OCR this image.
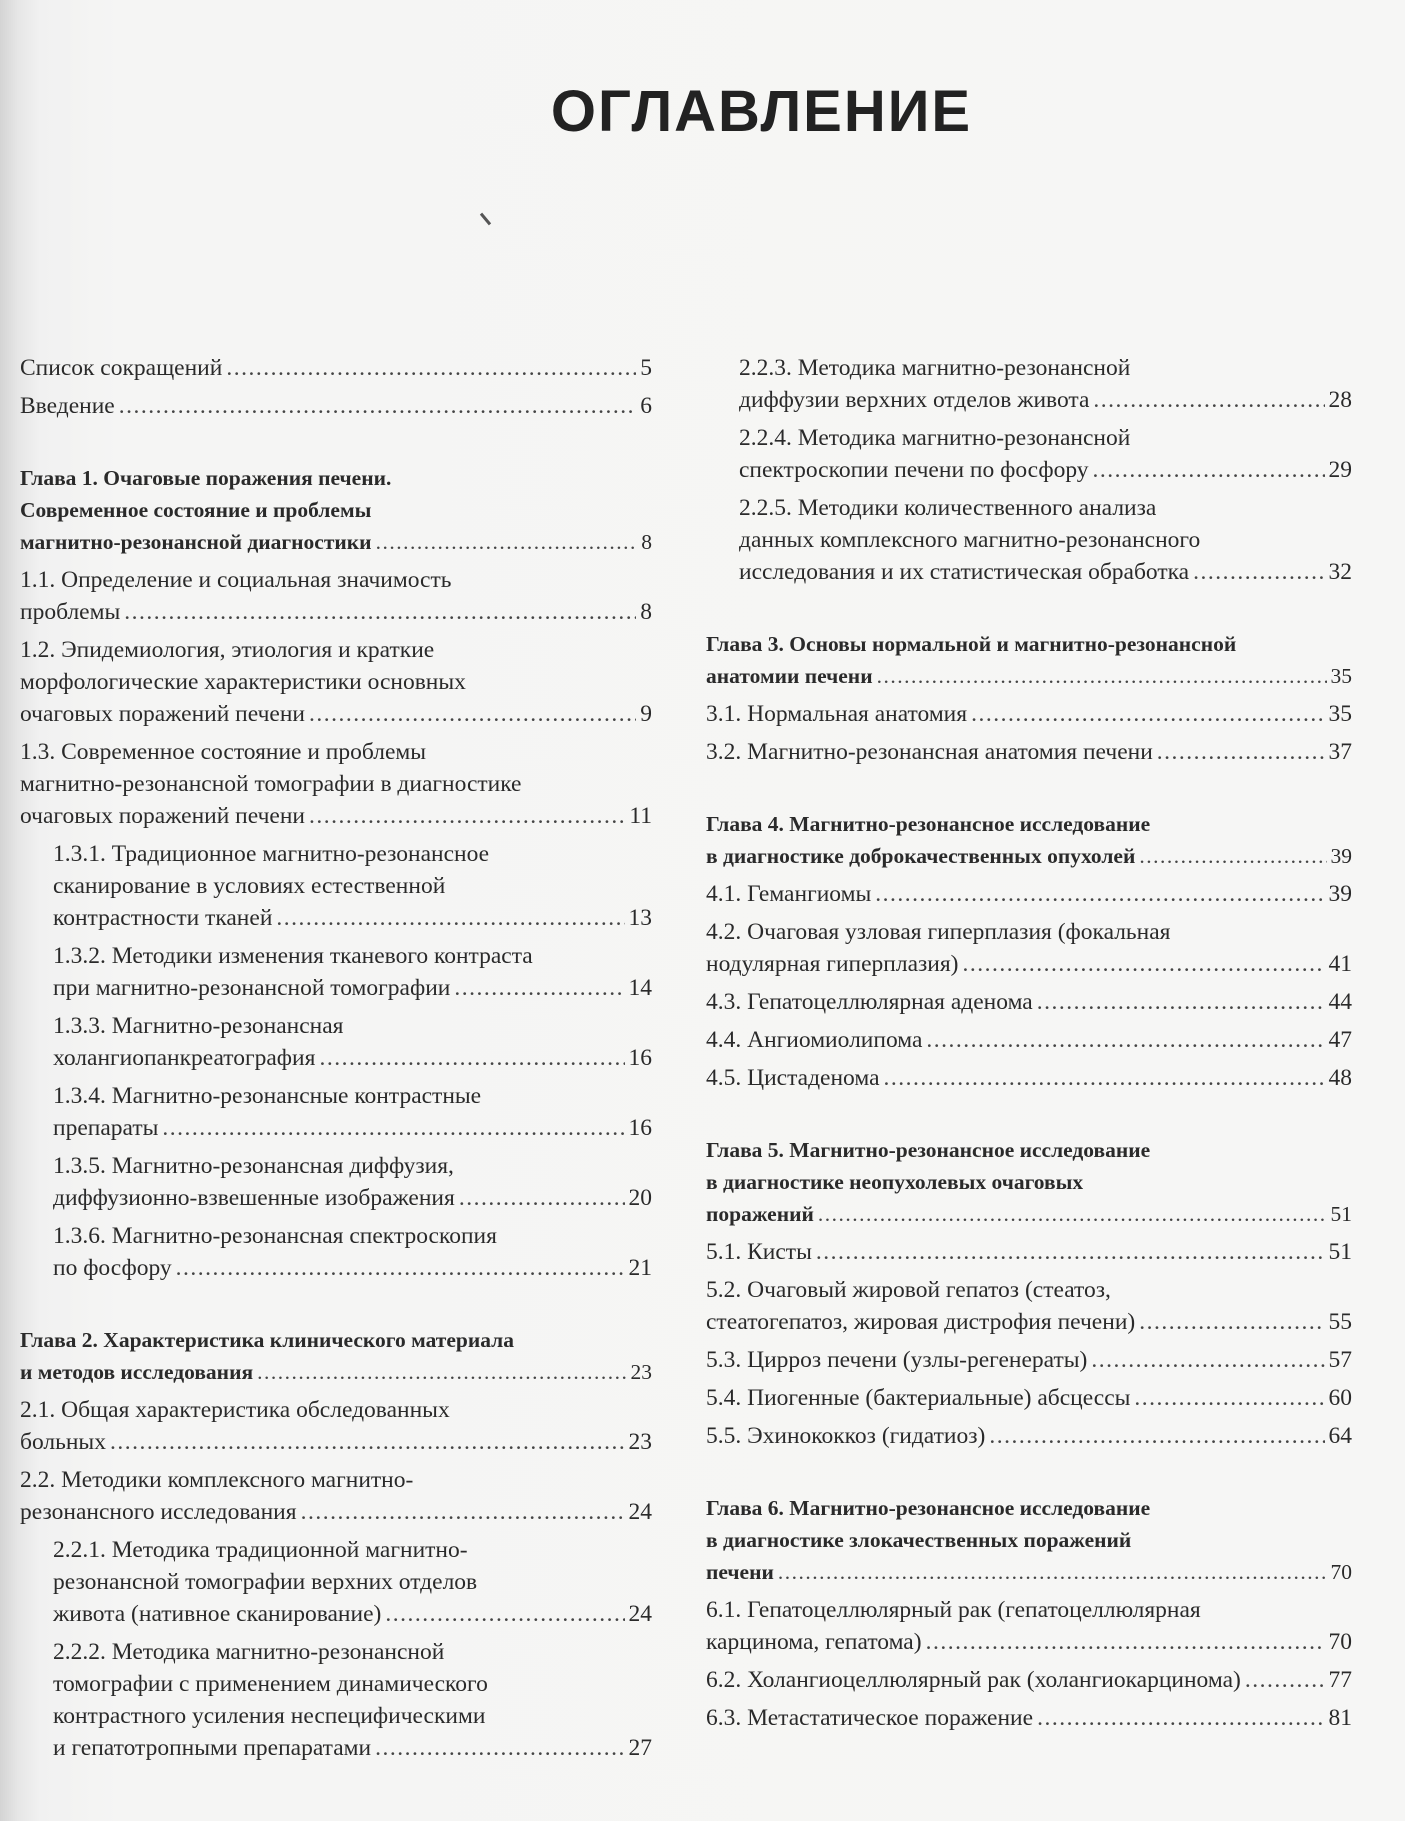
ОГЛАВЛЕНИЕ
Список сокращений .....	5
Введение .....	6
Глава 1. Очаговые поражения печени.
Современное состояние и проблемы
магнитно-резонансной диагностики .....	8
1.1. Определение и социальная значимость
проблемы .....	8
1.2. Эпидемиология, этиология и краткие
морфологические характеристики основных
очаговых поражений печени .....	9
1.3. Современное состояние и проблемы
магнитно-резонансной томографии в диагностике
очаговых поражений печени .....	11
1.3.1. Традиционное магнитно-резонансное
сканирование в условиях естественной
контрастности тканей .....	13
1.3.2. Методики изменения тканевого контраста
при магнитно-резонансной томографии .....	14
1.3.3. Магнитно-резонансная
холангиопанкреатография .....	16
1.3.4. Магнитно-резонансные контрастные
препараты .....	16
1.3.5. Магнитно-резонансная диффузия,
диффузионно-взвешенные изображения .....	20
1.3.6. Магнитно-резонансная спектроскопия
по фосфору .....	21
Глава 2. Характеристика клинического материала
и методов исследования .....	23
2.1. Общая характеристика обследованных
больных .....	23
2.2. Методики комплексного магнитно-
резонансного исследования .....	24
2.2.1. Методика традиционной магнитно-
резонансной томографии верхних отделов
живота (нативное сканирование) .....	24
2.2.2. Методика магнитно-резонансной
томографии с применением динамического
контрастного усиления неспецифическими
и гепатотропными препаратами .....	27
2.2.3. Методика магнитно-резонансной
диффузии верхних отделов живота .....	28
2.2.4. Методика магнитно-резонансной
спектроскопии печени по фосфору .....	29
2.2.5. Методики количественного анализа
данных комплексного магнитно-резонансного
исследования и их статистическая обработка .....	32
Глава 3. Основы нормальной и магнитно-резонансной
анатомии печени .....	35
3.1. Нормальная анатомия .....	35
3.2. Магнитно-резонансная анатомия печени .....	37
Глава 4. Магнитно-резонансное исследование
в диагностике доброкачественных опухолей .....	39
4.1. Гемангиомы .....	39
4.2. Очаговая узловая гиперплазия (фокальная
нодулярная гиперплазия) .....	41
4.3. Гепатоцеллюлярная аденома .....	44
4.4. Ангиомиолипома .....	47
4.5. Цистаденома .....	48
Глава 5. Магнитно-резонансное исследование
в диагностике неопухолевых очаговых
поражений .....	51
5.1. Кисты .....	51
5.2. Очаговый жировой гепатоз (стеатоз,
стеатогепатоз, жировая дистрофия печени) .....	55
5.3. Цирроз печени (узлы-регенераты) .....	57
5.4. Пиогенные (бактериальные) абсцессы .....	60
5.5. Эхинококкоз (гидатиоз) .....	64
Глава 6. Магнитно-резонансное исследование
в диагностике злокачественных поражений
печени .....	70
6.1. Гепатоцеллюлярный рак (гепатоцеллюлярная
карцинома, гепатома) .....	70
6.2. Холангиоцеллюлярный рак (холангиокарцинома) .....	77
6.3. Метастатическое поражение .....	81
